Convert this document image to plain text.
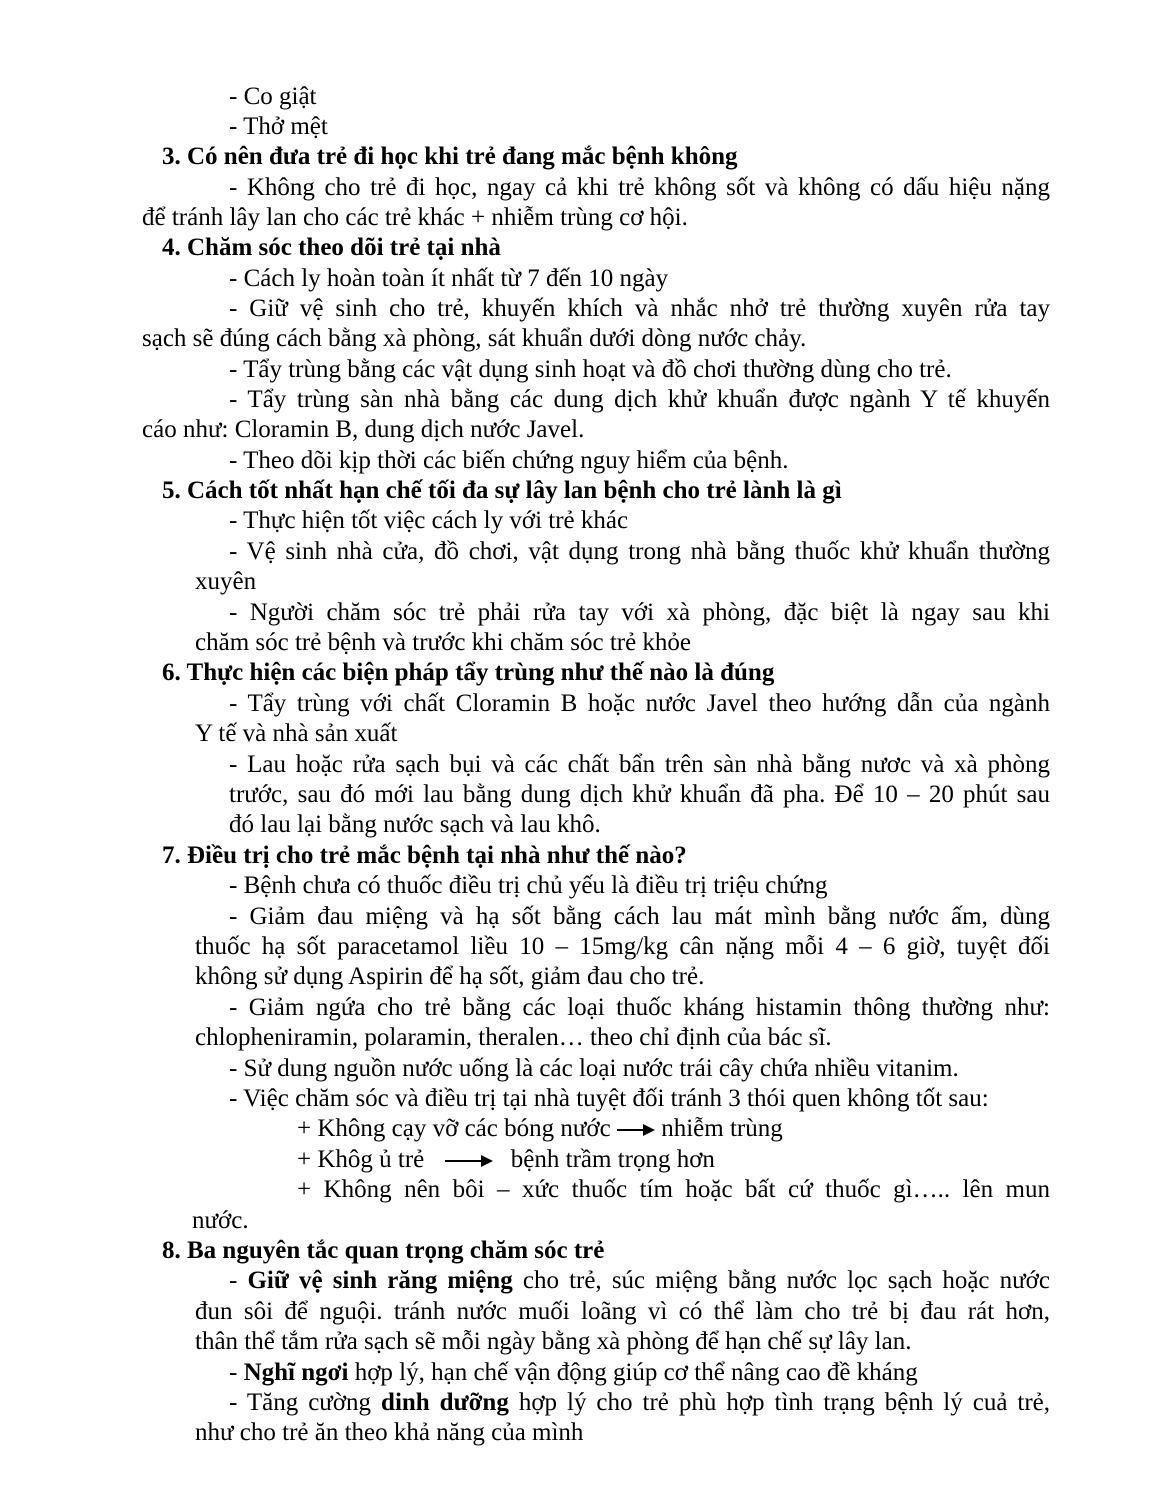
- Co giật
- Thở mệt
3. Có nên đưa trẻ đi học khi trẻ đang mắc bệnh không
- Không cho trẻ đi học, ngay cả khi trẻ không sốt và không có dấu hiệu nặng
để tránh lây lan cho các trẻ khác + nhiễm trùng cơ hội.
4. Chăm sóc theo dõi trẻ tại nhà
- Cách ly hoàn toàn ít nhất từ 7 đến 10 ngày
- Giữ vệ sinh cho trẻ, khuyến khích và nhắc nhở trẻ thường xuyên rửa tay
sạch sẽ đúng cách bằng xà phòng, sát khuẩn dưới dòng nước chảy.
- Tẩy trùng bằng các vật dụng sinh hoạt và đồ chơi thường dùng cho trẻ.
- Tẩy trùng sàn nhà bằng các dung dịch khử khuẩn được ngành Y tế khuyến
cáo như: Cloramin B, dung dịch nước Javel.
- Theo dõi kịp thời các biến chứng nguy hiểm của bệnh.
5. Cách tốt nhất hạn chế tối đa sự lây lan bệnh cho trẻ lành là gì
- Thực hiện tốt việc cách ly với trẻ khác
- Vệ sinh nhà cửa, đồ chơi, vật dụng trong nhà bằng thuốc khử khuẩn thường
xuyên
- Người chăm sóc trẻ phải rửa tay với xà phòng, đặc biệt là ngay sau khi
chăm sóc trẻ bệnh và trước khi chăm sóc trẻ khỏe
6. Thực hiện các biện pháp tẩy trùng như thế nào là đúng
- Tẩy trùng với chất Cloramin B hoặc nước Javel theo hướng dẫn của ngành
Y tế và nhà sản xuất
- Lau hoặc rửa sạch bụi và các chất bẩn trên sàn nhà bằng nươc và xà phòng
trước, sau đó mới lau bằng dung dịch khử khuẩn đã pha. Để 10 – 20 phút sau
đó lau lại bằng nước sạch và lau khô.
7. Điều trị cho trẻ mắc bệnh tại nhà như thế nào?
- Bệnh chưa có thuốc điều trị chủ yếu là điều trị triệu chứng
- Giảm đau miệng và hạ sốt bằng cách lau mát mình bằng nước ấm, dùng
thuốc hạ sốt paracetamol liều 10 – 15mg/kg cân nặng mỗi 4 – 6 giờ, tuyệt đối
không sử dụng Aspirin để hạ sốt, giảm đau cho trẻ.
- Giảm ngứa cho trẻ bằng các loại thuốc kháng histamin thông thường như:
chlopheniramin, polaramin, theralen… theo chỉ định của bác sĩ.
- Sử dung nguồn nước uống là các loại nước trái cây chứa nhiều vitanim.
- Việc chăm sóc và điều trị tại nhà tuyệt đối tránh 3 thói quen không tốt sau:
+ Không cạy vỡ các bóng nước nhiễm trùng
+ Khôg ủ trẻ	bệnh trầm trọng hơn
+ Không nên bôi – xức thuốc tím hoặc bất cứ thuốc gì….. lên mun
nước.
8. Ba nguyên tắc quan trọng chăm sóc trẻ
- Giữ vệ sinh răng miệng cho trẻ, súc miệng bằng nước lọc sạch hoặc nước
đun sôi để nguội. tránh nước muối loãng vì có thể làm cho trẻ bị đau rát hơn,
thân thể tắm rửa sạch sẽ mỗi ngày bằng xà phòng để hạn chế sự lây lan.
- Nghĩ ngơi hợp lý, hạn chế vận động giúp cơ thể nâng cao đề kháng
- Tăng cường dinh dưỡng hợp lý cho trẻ phù hợp tình trạng bệnh lý cuả trẻ,
như cho trẻ ăn theo khả năng của mình
